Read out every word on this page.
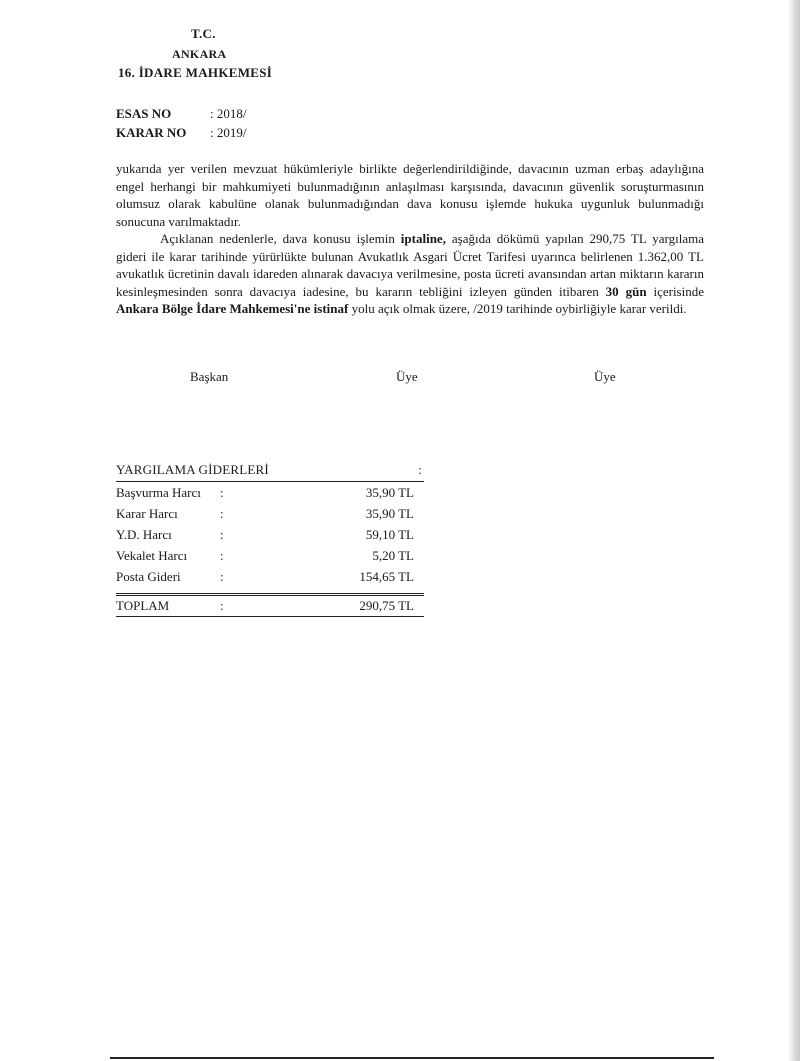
T.C.
ANKARA
16. İDARE MAHKEMESİ
ESAS NO	: 2018/
KARAR NO : 2019/

yukarıda yer verilen mevzuat hükümleriyle birlikte değerlendirildiğinde, davacının uzman erbaş adaylığına engel herhangi bir mahkumiyeti bulunmadığının anlaşılması karşısında, davacının güvenlik soruşturmasının olumsuz olarak kabulüne olanak bulunmadığından dava konusu işlemde hukuka uygunluk bulunmadığı sonucuna varılmaktadır.

Açıklanan nedenlerle, dava konusu işlemin iptaline, aşağıda dökümü yapılan 290,75 TL yargılama gideri ile karar tarihinde yürürlükte bulunan Avukatlık Asgari Ücret Tarifesi uyarınca belirlenen 1.362,00 TL avukatlık ücretinin davalı idareden alınarak davacıya verilmesine, posta ücreti avansından artan miktarın kararın kesinleşmesinden sonra davacıya iadesine, bu kararın tebliğini izleyen günden itibaren 30 gün içerisinde Ankara Bölge İdare Mahkemesi'ne istinaf yolu açık olmak üzere, /2019 tarihinde oybirliğiyle karar verildi.

Başkan	Üye	Üye
YARGILAMA GİDERLERİ	:
Başvurma Harcı :	35,90 TL
Karar Harcı	:	35,90 TL
Y.D. Harcı	:	59,10 TL
Vekalet Harcı	:	5,20 TL
Posta Gideri	:	154,65 TL
TOPLAM	:	290,75 TL
